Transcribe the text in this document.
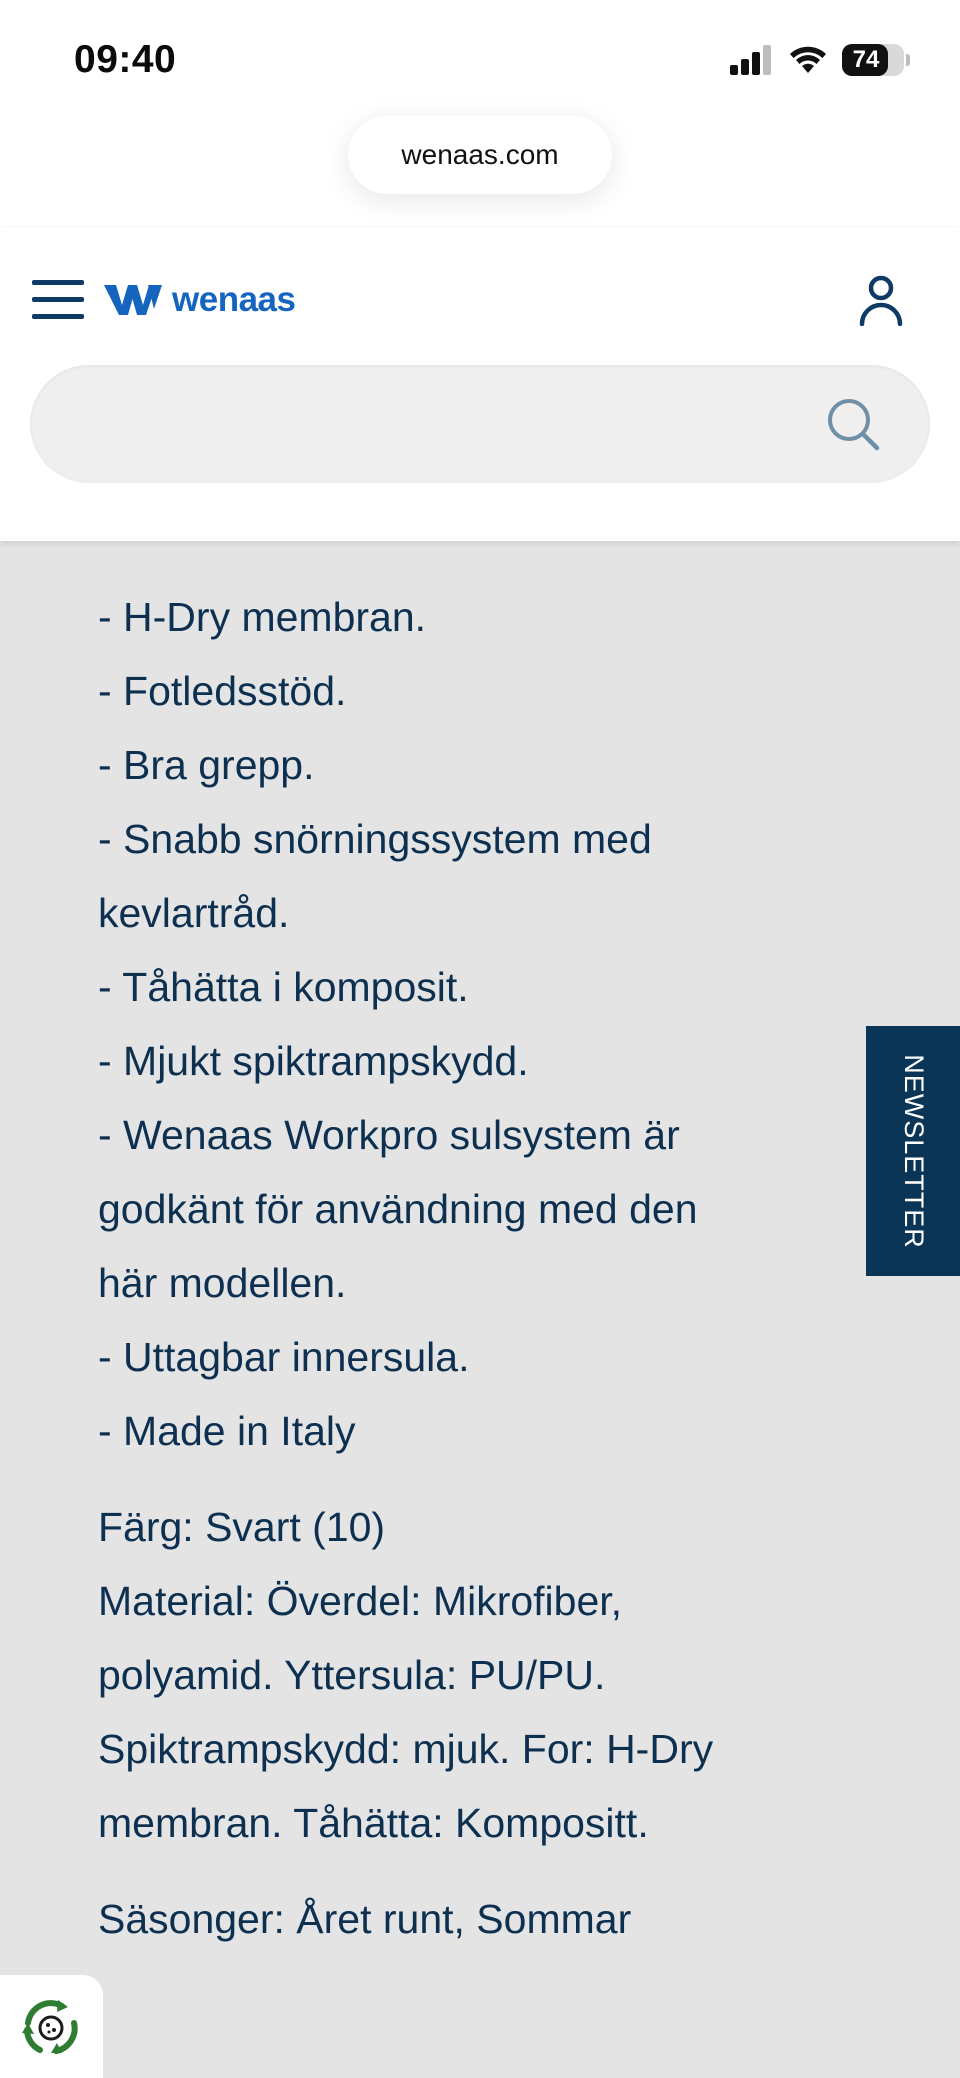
09:40	74
wenaas.com
wenaas
- H-Dry membran.
- Fotledsstöd.
- Bra grepp.
- Snabb snörningssystem med
kevlartråd.
- Tåhätta i komposit.
- Mjukt spiktrampskydd.
- Wenaas Workpro sulsystem är
godkänt för användning med den
här modellen.
- Uttagbar innersula.
- Made in Italy
Färg: Svart (10)
Material: Överdel: Mikrofiber,
polyamid. Yttersula: PU/PU.
Spiktrampskydd: mjuk. For: H-Dry
membran. Tåhätta: Kompositt.
Säsonger: Året runt, Sommar
NEWSLETTER
